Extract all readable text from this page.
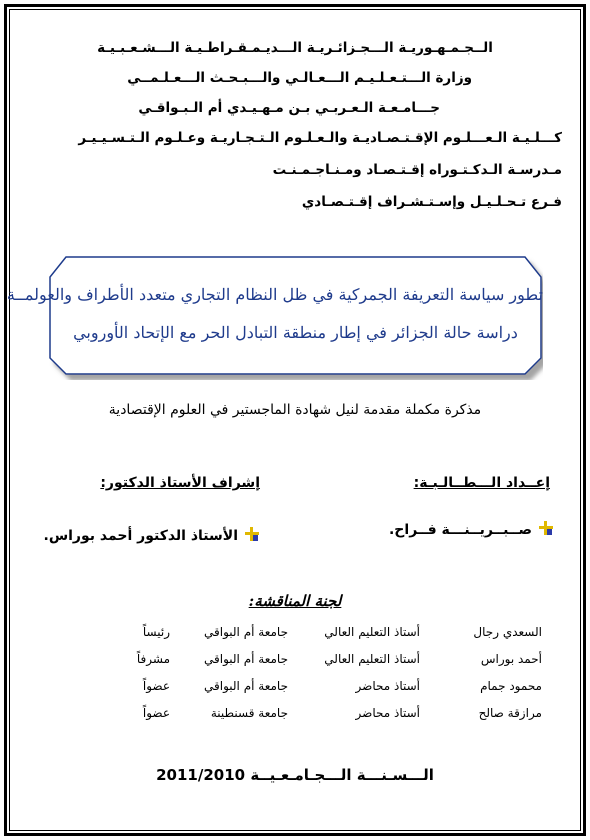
الــجـمـهـوريـة الـــجـزائـريـة الـــديـمـقـراطـيـة الـــشـعـبـيـة
وزارة الـــتـعـلـيـم الـــعـالـي والـــبـحـث الـــعـلـمــي
جـــامـعـة الـعـربـي بـن مـهـيـدي أم الـبـواقـي
كـــلـيـة الـعـــلـوم الإقـتـصـاديـة والـعـلـوم الـتـجـاريـة وعـلـوم الـتـسـيـيـر
مـدرسـة الـدكـتـوراه إقـتـصـاد ومـنـاجـمـنـت
فـرع تـحـلـيـل وإسـتـشـراف إقـتـصـادي
تطور سياسة التعريفة الجمركية في ظل النظام التجاري متعدد الأطراف والعولمــة
دراسة حالة الجزائر في إطار منطقة التبادل الحر مع الإتحاد الأوروبي
مذكرة مكملة مقدمة لنيل شهادة الماجستير في العلوم الإقتصادية
إعــداد الـــطــالـبـة:
إشراف الأستاذ الدكتور:
صــبــريــنـــة فــراح.
الأستاذ الدكتور أحمد بوراس.
لجنة المناقشة:
السعدي رجال
أستاذ التعليم العالي
جامعة أم البواقي
رئيساً
أحمد بوراس
أستاذ التعليم العالي
جامعة أم البواقي
مشرفاً
محمود جمام
أستاذ محاضر
جامعة أم البواقي
عضواً
مرازقة صالح
أستاذ محاضر
جامعة قسنطينة
عضواً
الـــسـنـــة الـــجـامـعـيــة 2011/2010
